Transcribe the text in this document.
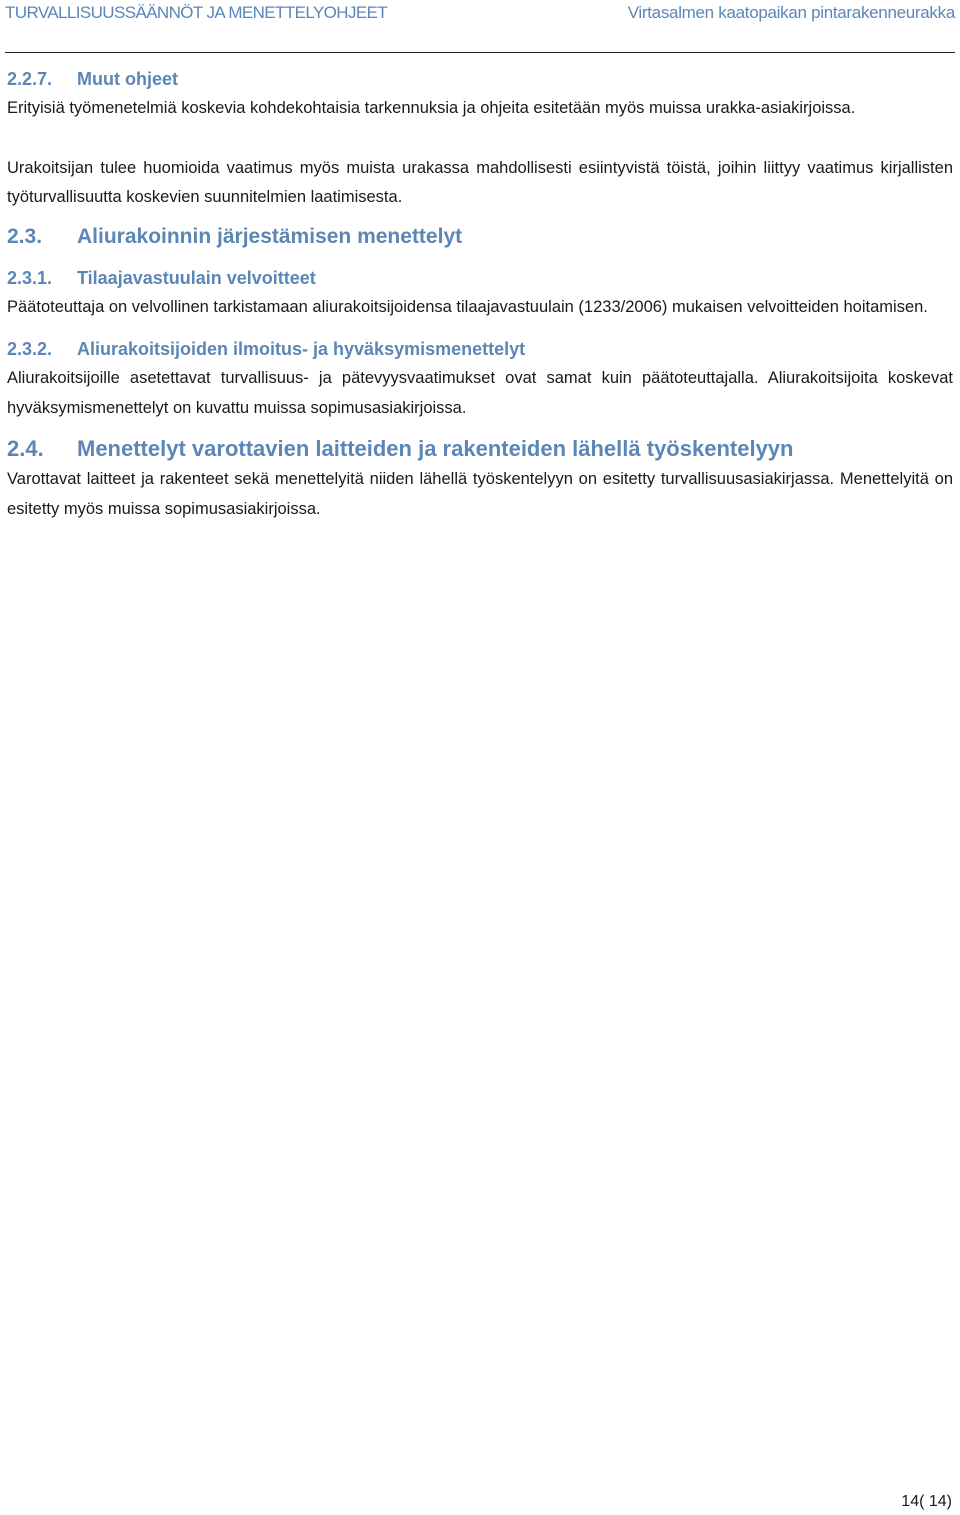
TURVALLISUUSSÄÄNNÖT JA MENETTELYOHJEET	Virtasalmen kaatopaikan pintarakenneurakka
2.2.7. Muut ohjeet

Erityisiä työmenetelmiä koskevia kohdekohtaisia tarkennuksia ja ohjeita esitetään myös muissa urakka-asiakirjoissa.

Urakoitsijan tulee huomioida vaatimus myös muista urakassa mahdollisesti esiintyvistä töistä, joihin liittyy vaatimus kirjallisten työturvallisuutta koskevien suunnitelmien laatimisesta.

2.3. Aliurakoinnin järjestämisen menettelyt
2.3.1. Tilaajavastuulain velvoitteet

Päätoteuttaja on velvollinen tarkistamaan aliurakoitsijoidensa tilaajavastuulain (1233/2006) mukaisen velvoitteiden hoitamisen.

2.3.2. Aliurakoitsijoiden ilmoitus- ja hyväksymismenettelyt

Aliurakoitsijoille asetettavat turvallisuus- ja pätevyysvaatimukset ovat samat kuin päätoteuttajalla. Aliurakoitsijoita koskevat hyväksymismenettelyt on kuvattu muissa sopimusasiakirjoissa.

2.4. Menettelyt varottavien laitteiden ja rakenteiden lähellä työskentelyyn

Varottavat laitteet ja rakenteet sekä menettelyitä niiden lähellä työskentelyyn on esitetty turvallisuusasiakirjassa. Menettelyitä on esitetty myös muissa sopimusasiakirjoissa.

14( 14)
